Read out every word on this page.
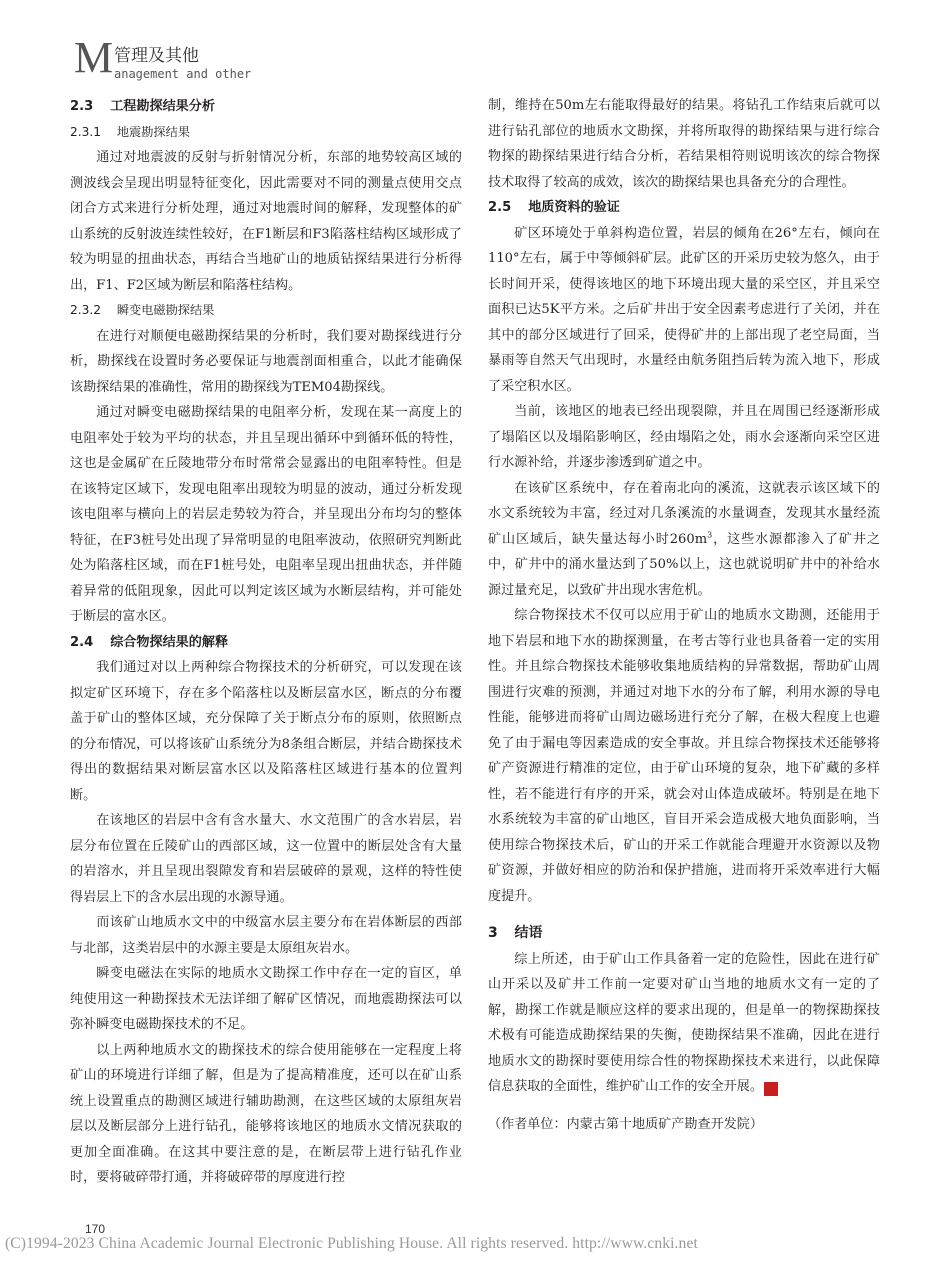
M 管理及其他
anagement and other
2.3 工程勘探结果分析
2.3.1 地震勘探结果

通过对地震波的反射与折射情况分析，东部的地势较高区域的测波线会呈现出明显特征变化，因此需要对不同的测量点使用交点闭合方式来进行分析处理，通过对地震时间的解释，发现整体的矿山系统的反射波连续性较好，在F1断层和F3陷落柱结构区域形成了较为明显的扭曲状态，再结合当地矿山的地质钻探结果进行分析得出，F1、F2区域为断层和陷落柱结构。

2.3.2 瞬变电磁勘探结果

在进行对顺便电磁勘探结果的分析时，我们要对勘探线进行分析，勘探线在设置时务必要保证与地震剖面相重合，以此才能确保该勘探结果的准确性，常用的勘探线为TEM04勘探线。

通过对瞬变电磁勘探结果的电阻率分析，发现在某一高度上的电阻率处于较为平均的状态，并且呈现出循环中到循环低的特性，这也是金属矿在丘陵地带分布时常常会显露出的电阻率特性。但是在该特定区域下，发现电阻率出现较为明显的波动，通过分析发现该电阻率与横向上的岩层走势较为符合，并呈现出分布均匀的整体特征，在F3桩号处出现了异常明显的电阻率波动，依照研究判断此处为陷落柱区域，而在F1桩号处，电阻率呈现出扭曲状态，并伴随着异常的低阻现象，因此可以判定该区域为水断层结构，并可能处于断层的富水区。

2.4 综合物探结果的解释

我们通过对以上两种综合物探技术的分析研究，可以发现在该拟定矿区环境下，存在多个陷落柱以及断层富水区，断点的分布覆盖于矿山的整体区域，充分保障了关于断点分布的原则，依照断点的分布情况，可以将该矿山系统分为8条组合断层，并结合勘探技术得出的数据结果对断层富水区以及陷落柱区域进行基本的位置判断。

在该地区的岩层中含有含水量大、水文范围广的含水岩层，岩层分布位置在丘陵矿山的西部区域，这一位置中的断层处含有大量的岩溶水，并且呈现出裂隙发育和岩层破碎的景观，这样的特性使得岩层上下的含水层出现的水源导通。

而该矿山地质水文中的中级富水层主要分布在岩体断层的西部与北部，这类岩层中的水源主要是太原组灰岩水。

瞬变电磁法在实际的地质水文勘探工作中存在一定的盲区，单纯使用这一种勘探技术无法详细了解矿区情况，而地震勘探法可以弥补瞬变电磁勘探技术的不足。

以上两种地质水文的勘探技术的综合使用能够在一定程度上将矿山的环境进行详细了解，但是为了提高精准度，还可以在矿山系统上设置重点的勘测区域进行辅助勘测，在这些区域的太原组灰岩层以及断层部分上进行钻孔，能够将该地区的地质水文情况获取的更加全面准确。在这其中要注意的是，在断层带上进行钻孔作业时，要将破碎带打通，并将破碎带的厚度进行控

制，维持在50m左右能取得最好的结果。将钻孔工作结束后就可以进行钻孔部位的地质水文勘探，并将所取得的勘探结果与进行综合物探的勘探结果进行结合分析，若结果相符则说明该次的综合物探技术取得了较高的成效，该次的勘探结果也具备充分的合理性。

2.5 地质资料的验证

矿区环境处于单斜构造位置，岩层的倾角在26°左右，倾向在110°左右，属于中等倾斜矿层。此矿区的开采历史较为悠久，由于长时间开采，使得该地区的地下环境出现大量的采空区，并且采空面积已达5K平方米。之后矿井出于安全因素考虑进行了关闭，并在其中的部分区域进行了回采，使得矿井的上部出现了老空局面，当暴雨等自然天气出现时，水量经由航务阻挡后转为流入地下，形成了采空积水区。

当前，该地区的地表已经出现裂隙，并且在周围已经逐渐形成了塌陷区以及塌陷影响区，经由塌陷之处，雨水会逐渐向采空区进行水源补给，并逐步渗透到矿道之中。

在该矿区系统中，存在着南北向的溪流，这就表示该区域下的水文系统较为丰富，经过对几条溪流的水量调查，发现其水量经流矿山区域后，缺失量达每小时$260m^3$，这些水源都渗入了矿井之中，矿井中的涌水量达到了50%以上，这也就说明矿井中的补给水源过量充足，以致矿井出现水害危机。

综合物探技术不仅可以应用于矿山的地质水文勘测，还能用于地下岩层和地下水的勘探测量，在考古等行业也具备着一定的实用性。并且综合物探技术能够收集地质结构的异常数据，帮助矿山周围进行灾难的预测，并通过对地下水的分布了解，利用水源的导电性能，能够进而将矿山周边磁场进行充分了解，在极大程度上也避免了由于漏电等因素造成的安全事故。并且综合物探技术还能够将矿产资源进行精准的定位，由于矿山环境的复杂，地下矿藏的多样性，若不能进行有序的开采，就会对山体造成破坏。特别是在地下水系统较为丰富的矿山地区，盲目开采会造成极大地负面影响，当使用综合物探技术后，矿山的开采工作就能合理避开水资源以及物矿资源，并做好相应的防治和保护措施，进而将开采效率进行大幅度提升。

3 结语

综上所述，由于矿山工作具备着一定的危险性，因此在进行矿山开采以及矿井工作前一定要对矿山当地的地质水文有一定的了解，勘探工作就是顺应这样的要求出现的，但是单一的物探勘探技术极有可能造成勘探结果的失衡，使勘探结果不准确，因此在进行地质水文的勘探时要使用综合性的物探勘探技术来进行，以此保障信息获取的全面性，维护矿山工作的安全开展。	通

（作者单位：内蒙古第十地质矿产勘查开发院）

170
(C)1994-2023 China Academic Journal Electronic Publishing House. All rights reserved. http://www.cnki.net
